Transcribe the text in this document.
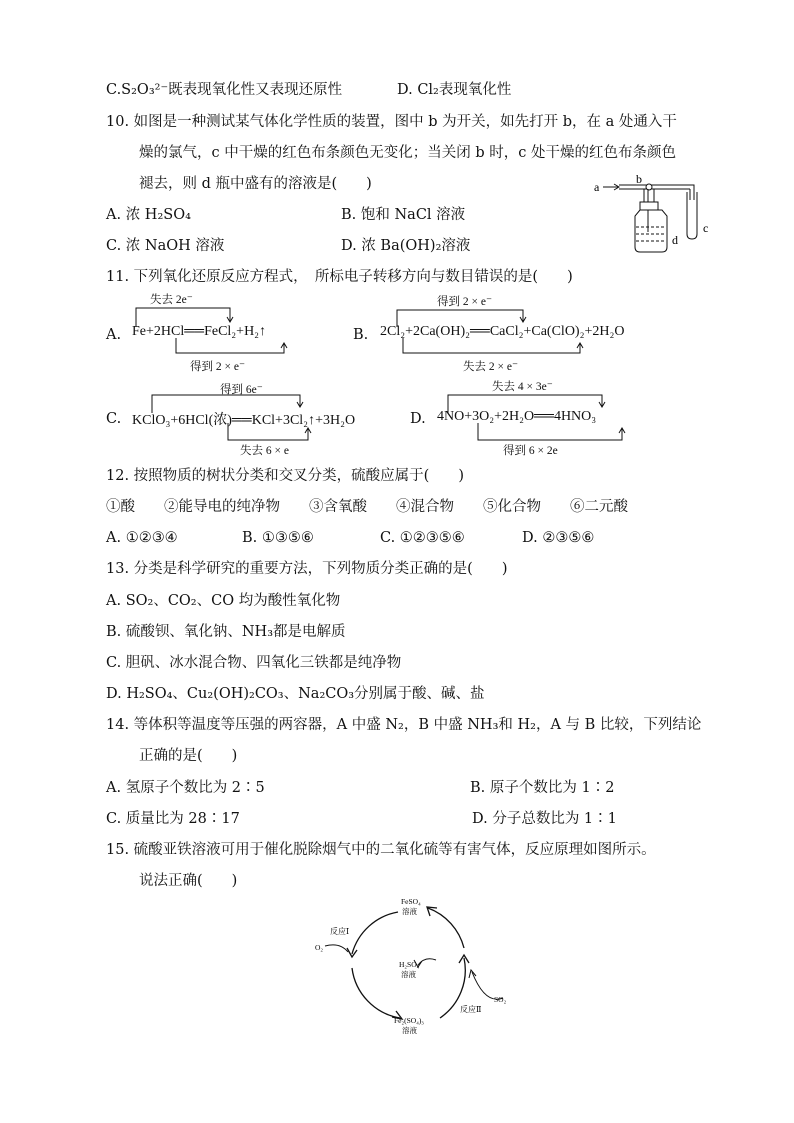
C.S₂O₃²⁻既表现氧化性又表现还原性	D. Cl₂表现氧化性
10. 如图是一种测试某气体化学性质的装置，图中 b 为开关，如先打开 b，在 a 处通入干
燥的氯气，c 中干燥的红色布条颜色无变化；当关闭 b 时，c 处干燥的红色布条颜色
褪去，则 d 瓶中盛有的溶液是(　　)
A. 浓 H₂SO₄	B. 饱和 NaCl 溶液
C. 浓 NaOH 溶液	D. 浓 Ba(OH)₂溶液
a
b
d
c
11. 下列氧化还原反应方程式，　所标电子转移方向与数目错误的是(　　)
A.
失去 2e⁻
Fe+2HCl══FeCl₂+H₂↑
得到 2 × e⁻
B.
得到 2 × e⁻
2Cl₂+2Ca(OH)₂══CaCl₂+Ca(ClO)₂+2H₂O
失去 2 × e⁻
C.
得到 6e⁻
KClO₃+6HCl(浓)══KCl+3Cl₂↑+3H₂O
失去 6 × e
D.
失去 4 × 3e⁻
4NO+3O₂+2H₂O══4HNO₃
得到 6 × 2e
12. 按照物质的树状分类和交叉分类，硫酸应属于(　　)
①酸　　②能导电的纯净物　　③含氧酸　　④混合物　　⑤化合物　　⑥二元酸
A. ①②③④	B. ①③⑤⑥	C. ①②③⑤⑥	D. ②③⑤⑥
13. 分类是科学研究的重要方法，下列物质分类正确的是(　　)
A. SO₂、CO₂、CO 均为酸性氧化物
B. 硫酸钡、氧化钠、NH₃都是电解质
C. 胆矾、冰水混合物、四氧化三铁都是纯净物
D. H₂SO₄、Cu₂(OH)₂CO₃、Na₂CO₃分别属于酸、碱、盐
14. 等体积等温度等压强的两容器，A 中盛 N₂，B 中盛 NH₃和 H₂，A 与 B 比较，下列结论
正确的是(　　)
A. 氢原子个数比为 2∶5	B. 原子个数比为 1∶2
C. 质量比为 28∶17	D. 分子总数比为 1∶1
15. 硫酸亚铁溶液可用于催化脱除烟气中的二氧化硫等有害气体，反应原理如图所示。
说法正确(　　)
FeSO₄
溶液
H₂SO₄
溶液
Fe₂(SO₄)₃
溶液
反应Ⅰ
O₂
反应Ⅱ
SO₂
